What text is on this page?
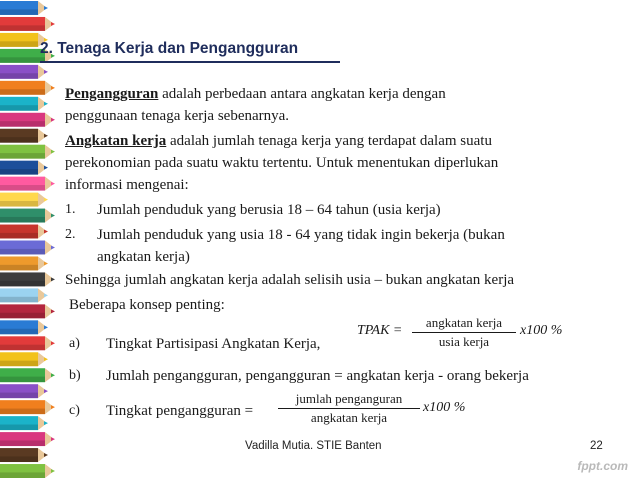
2. Tenaga Kerja dan Pengangguran
Pengangguran adalah perbedaan antara angkatan kerja dengan
penggunaan tenaga kerja sebenarnya.
Angkatan kerja adalah jumlah tenaga kerja yang terdapat dalam suatu
perekonomian pada suatu waktu tertentu. Untuk menentukan diperlukan
informasi mengenai:
1. Jumlah penduduk yang berusia 18 – 64 tahun (usia kerja)
2. Jumlah penduduk yang usia 18 - 64 yang tidak ingin bekerja (bukan
angkatan kerja)
Sehingga jumlah angkatan kerja adalah selisih usia – bukan angkatan kerja
Beberapa konsep penting:
a) Tingkat Partisipasi Angkatan Kerja,
TPAK =
angkatan kerja
usia kerja
x100 %
b) Jumlah pengangguran, pengangguran = angkatan kerja - orang bekerja
c) Tingkat pengangguran =
jumlah penganguran
angkatan kerja
x100 %
Vadilla Mutia. STIE Banten	22
fppt.com
